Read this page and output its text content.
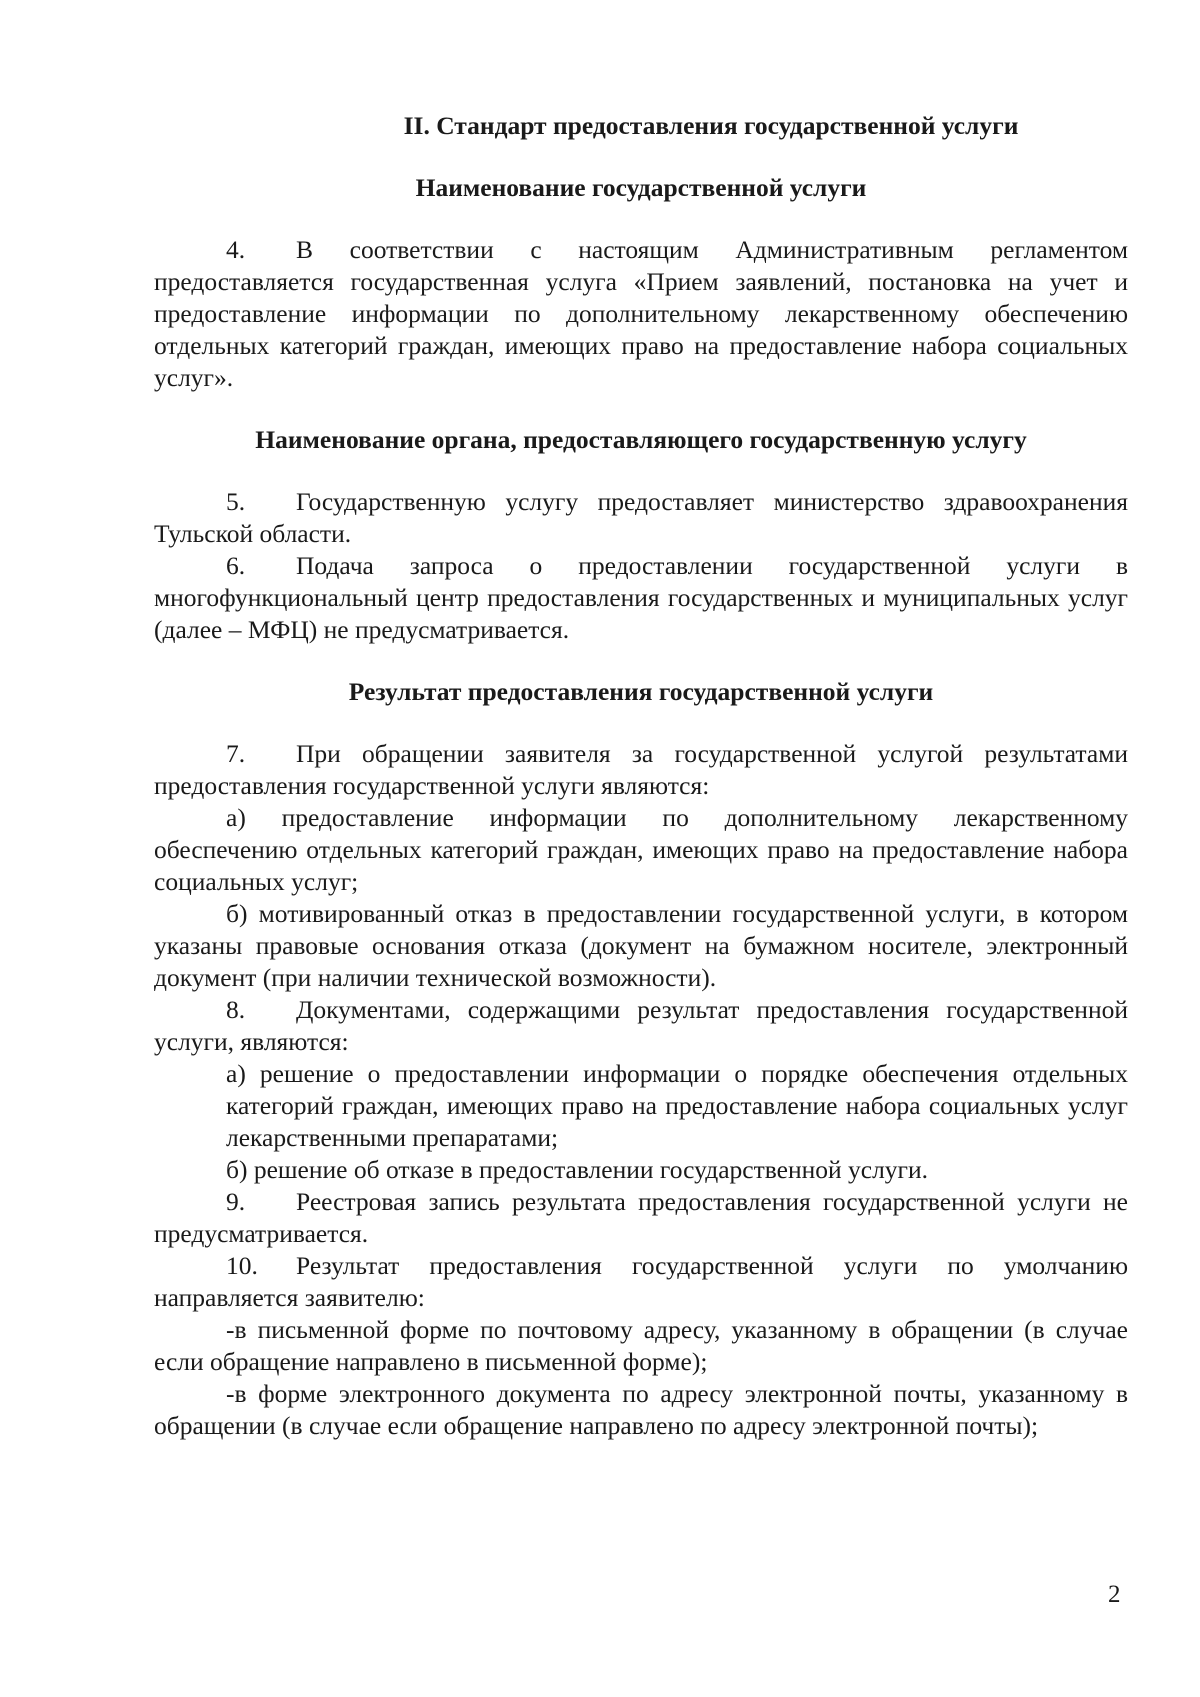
II. Стандарт предоставления государственной услуги
Наименование государственной услуги

4. В соответствии с настоящим Административным регламентом предоставляется государственная услуга «Прием заявлений, постановка на учет и предоставление информации по дополнительному лекарственному обеспечению отдельных категорий граждан, имеющих право на предоставление набора социальных услуг».

Наименование органа, предоставляющего государственную услугу

5. Государственную услугу предоставляет министерство здравоохранения Тульской области.

6. Подача запроса о предоставлении государственной услуги в многофункциональный центр предоставления государственных и муниципальных услуг (далее – МФЦ) не предусматривается.

Результат предоставления государственной услуги

7. При обращении заявителя за государственной услугой результатами предоставления государственной услуги являются:

а) предоставление информации по дополнительному лекарственному обеспечению отдельных категорий граждан, имеющих право на предоставление набора социальных услуг;

б) мотивированный отказ в предоставлении государственной услуги, в котором указаны правовые основания отказа (документ на бумажном носителе, электронный документ (при наличии технической возможности).

8. Документами, содержащими результат предоставления государственной услуги, являются:

а) решение о предоставлении информации о порядке обеспечения отдельных категорий граждан, имеющих право на предоставление набора социальных услуг лекарственными препаратами;

б) решение об отказе в предоставлении государственной услуги.

9. Реестровая запись результата предоставления государственной услуги не предусматривается.

10. Результат предоставления государственной услуги по умолчанию направляется заявителю:

-в письменной форме по почтовому адресу, указанному в обращении (в случае если обращение направлено в письменной форме);

-в форме электронного документа по адресу электронной почты, указанному в обращении (в случае если обращение направлено по адресу электронной почты);

2
